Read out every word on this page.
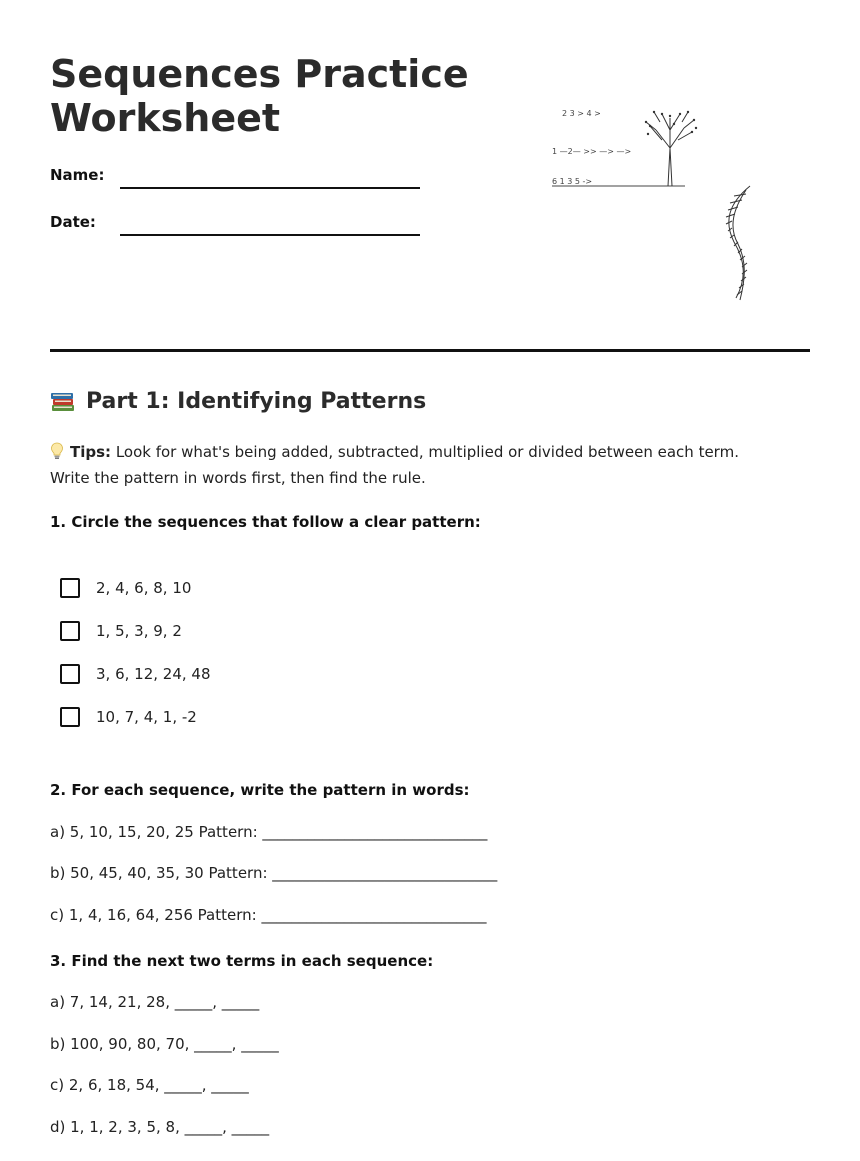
Sequences Practice Worksheet
Name:
Date:
2 3 > 4 >
1 —2— >> —> —>
6 1 3 5 ->
Part 1: Identifying Patterns
Tips: Look for what's being added, subtracted, multiplied or divided between each term. Write the pattern in words first, then find the rule.
1. Circle the sequences that follow a clear pattern:
2, 4, 6, 8, 10
1, 5, 3, 9, 2
3, 6, 12, 24, 48
10, 7, 4, 1, -2
2. For each sequence, write the pattern in words:
a) 5, 10, 15, 20, 25 Pattern: ______________________________
b) 50, 45, 40, 35, 30 Pattern: ______________________________
c) 1, 4, 16, 64, 256 Pattern: ______________________________
3. Find the next two terms in each sequence:
a) 7, 14, 21, 28, _____, _____
b) 100, 90, 80, 70, _____, _____
c) 2, 6, 18, 54, _____, _____
d) 1, 1, 2, 3, 5, 8, _____, _____
